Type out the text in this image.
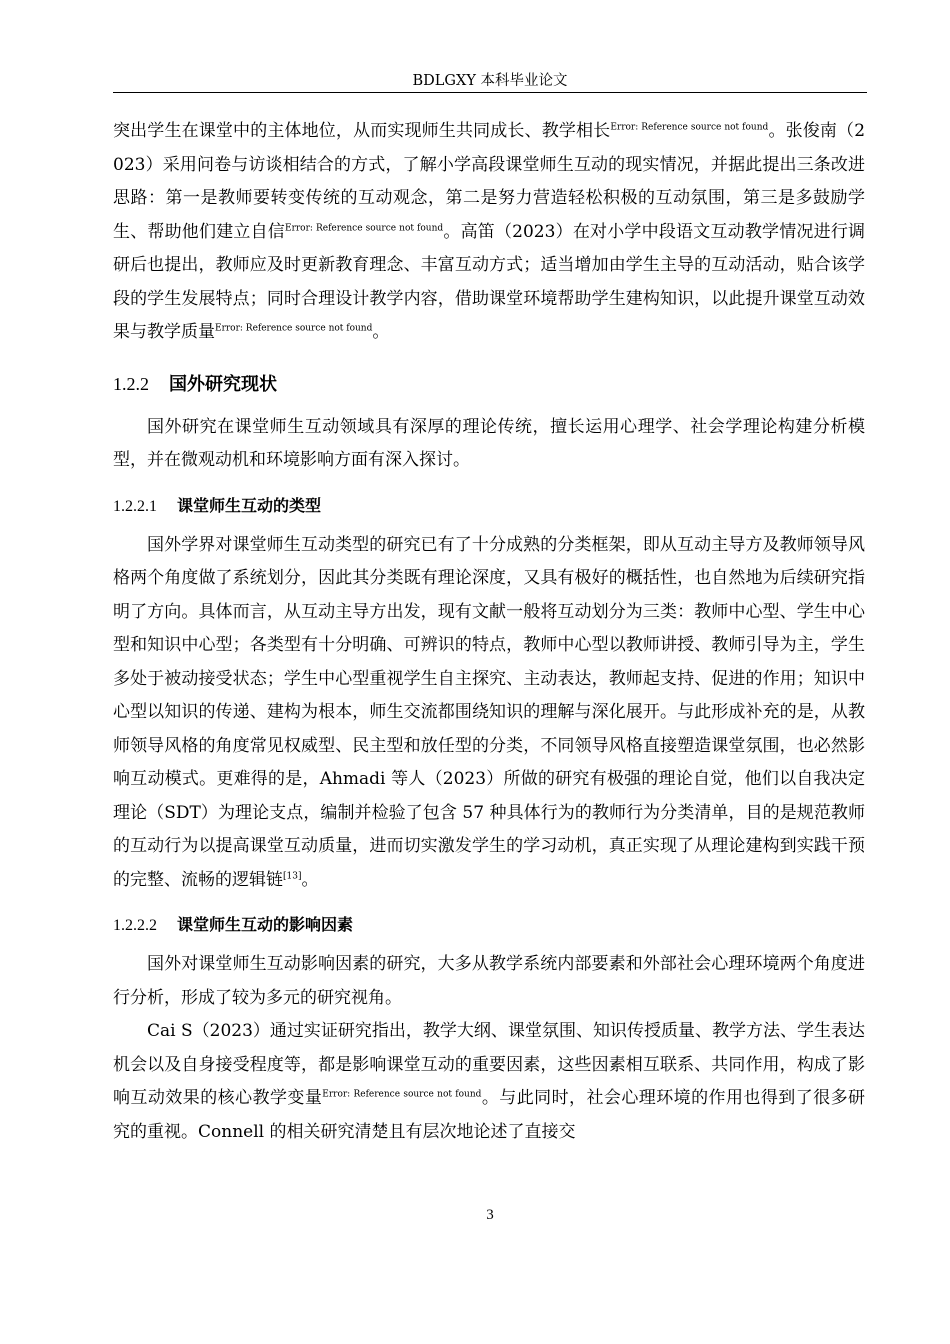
BDLGXY 本科毕业论文

突出学生在课堂中的主体地位，从而实现师生共同成长、教学相长$^{Error: Reference source not found}$。张俊南（2023）采用问卷与访谈相结合的方式，了解小学高段课堂师生互动的现实情况，并据此提出三条改进思路：第一是教师要转变传统的互动观念，第二是努力营造轻松积极的互动氛围，第三是多鼓励学生、帮助他们建立自信$^{Error: Reference source not found}$。高笛（2023）在对小学中段语文互动教学情况进行调研后也提出，教师应及时更新教育理念、丰富互动方式；适当增加由学生主导的互动活动，贴合该学段的学生发展特点；同时合理设计教学内容，借助课堂环境帮助学生建构知识，以此提升课堂互动效果与教学质量$^{Error: Reference source not found}$。

1.2.2 国外研究现状

国外研究在课堂师生互动领域具有深厚的理论传统，擅长运用心理学、社会学理论构建分析模型，并在微观动机和环境影响方面有深入探讨。

1.2.2.1 课堂师生互动的类型

国外学界对课堂师生互动类型的研究已有了十分成熟的分类框架，即从互动主导方及教师领导风格两个角度做了系统划分，因此其分类既有理论深度，又具有极好的概括性，也自然地为后续研究指明了方向。具体而言，从互动主导方出发，现有文献一般将互动划分为三类：教师中心型、学生中心型和知识中心型；各类型有十分明确、可辨识的特点，教师中心型以教师讲授、教师引导为主，学生多处于被动接受状态；学生中心型重视学生自主探究、主动表达，教师起支持、促进的作用；知识中心型以知识的传递、建构为根本，师生交流都围绕知识的理解与深化展开。与此形成补充的是，从教师领导风格的角度常见权威型、民主型和放任型的分类，不同领导风格直接塑造课堂氛围，也必然影响互动模式。更难得的是，Ahmadi 等人（2023）所做的研究有极强的理论自觉，他们以自我决定理论（SDT）为理论支点，编制并检验了包含 57 种具体行为的教师行为分类清单，目的是规范教师的互动行为以提高课堂互动质量，进而切实激发学生的学习动机，真正实现了从理论建构到实践干预的完整、流畅的逻辑链[13]。

1.2.2.2 课堂师生互动的影响因素

国外对课堂师生互动影响因素的研究，大多从教学系统内部要素和外部社会心理环境两个角度进行分析，形成了较为多元的研究视角。

Cai S（2023）通过实证研究指出，教学大纲、课堂氛围、知识传授质量、教学方法、学生表达机会以及自身接受程度等，都是影响课堂互动的重要因素，这些因素相互联系、共同作用，构成了影响互动效果的核心教学变量$^{Error: Reference source not found}$。与此同时，社会心理环境的作用也得到了很多研究的重视。Connell 的相关研究清楚且有层次地论述了直接交

3
